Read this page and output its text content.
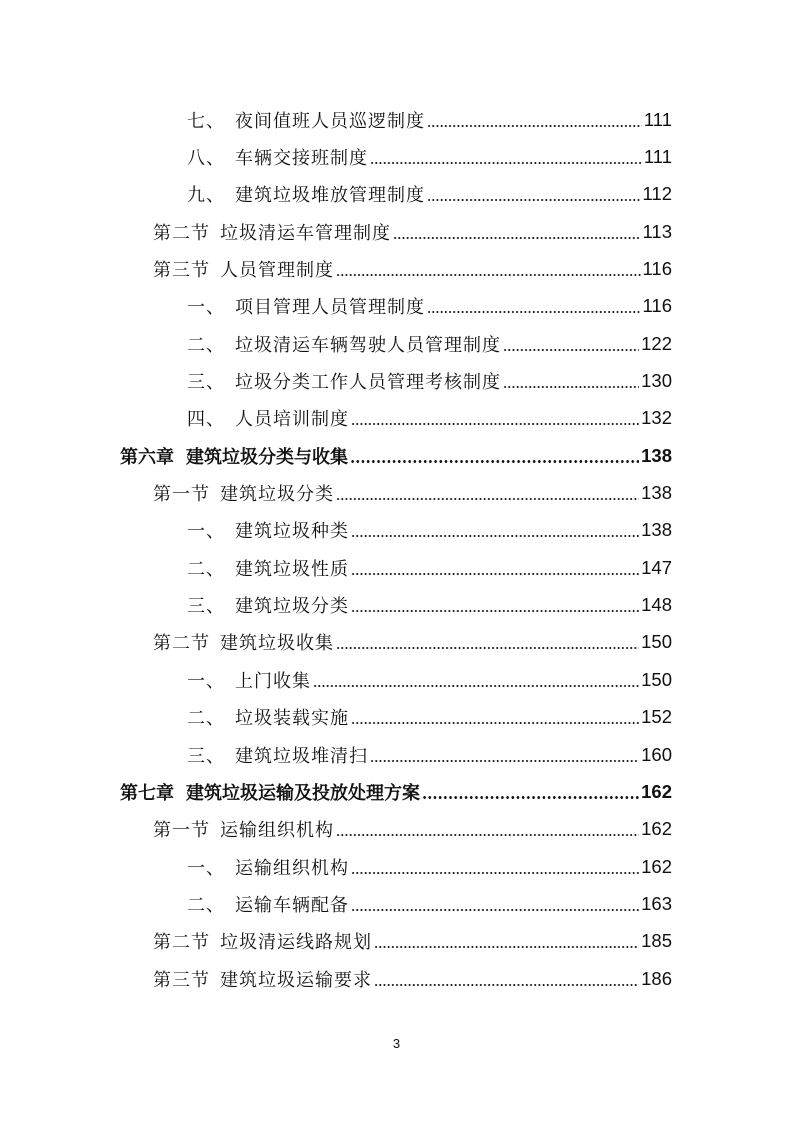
七、 夜间值班人员巡逻制度	111
八、 车辆交接班制度	111
九、 建筑垃圾堆放管理制度	112
第二节 垃圾清运车管理制度	113
第三节 人员管理制度	116
一、 项目管理人员管理制度	116
二、 垃圾清运车辆驾驶人员管理制度	122
三、 垃圾分类工作人员管理考核制度	130
四、 人员培训制度	132
第六章 建筑垃圾分类与收集	138
第一节 建筑垃圾分类	138
一、 建筑垃圾种类	138
二、 建筑垃圾性质	147
三、 建筑垃圾分类	148
第二节 建筑垃圾收集	150
一、 上门收集	150
二、 垃圾装载实施	152
三、 建筑垃圾堆清扫	160
第七章 建筑垃圾运输及投放处理方案	162
第一节 运输组织机构	162
一、 运输组织机构	162
二、 运输车辆配备	163
第二节 垃圾清运线路规划	185
第三节 建筑垃圾运输要求	186
3
